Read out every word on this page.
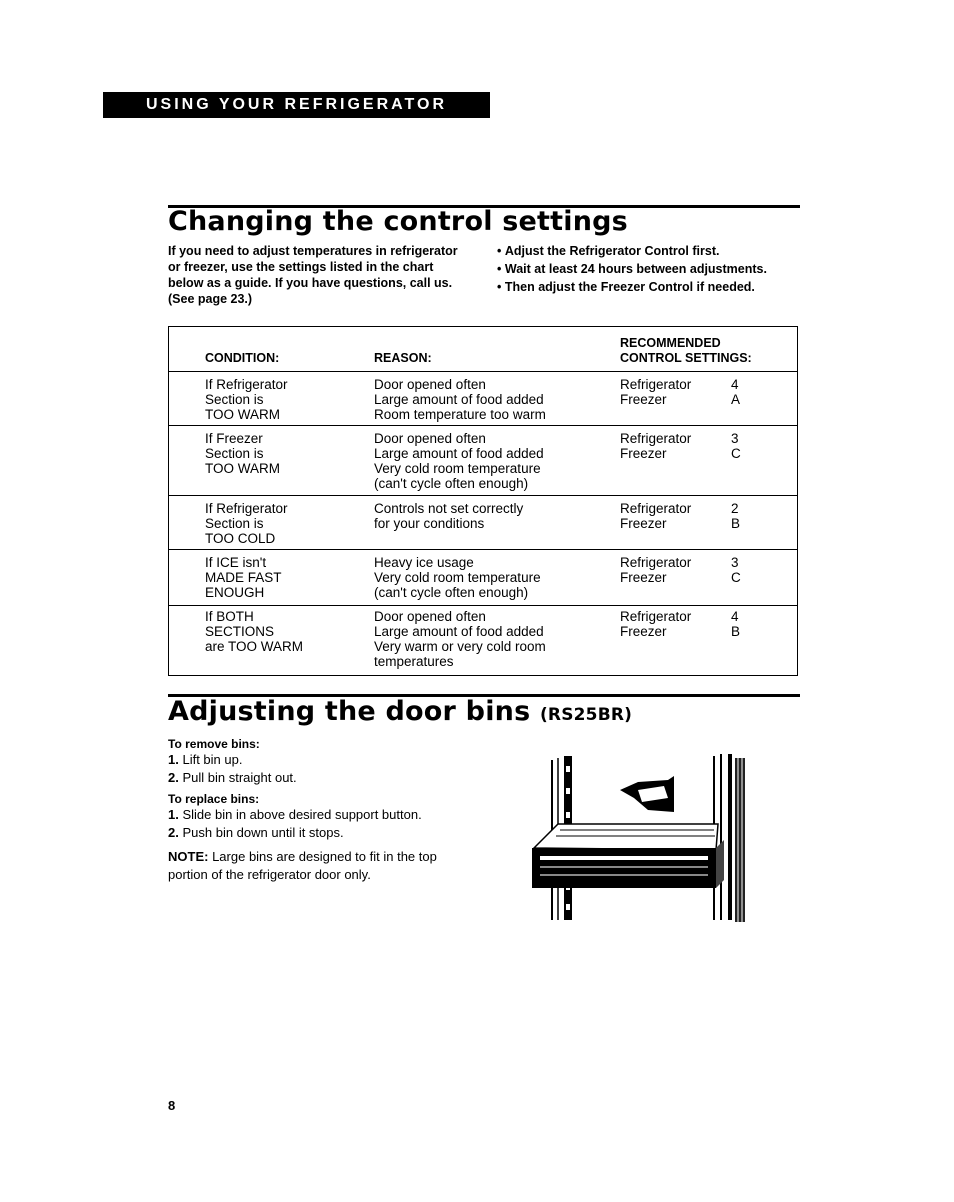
USING YOUR REFRIGERATOR
Changing the control settings
If you need to adjust temperatures in refrigerator
or freezer, use the settings listed in the chart
below as a guide. If you have questions, call us.
(See page 23.)
• Adjust the Refrigerator Control first.
• Wait at least 24 hours between adjustments.
• Then adjust the Freezer Control if needed.
CONDITION:	REASON:
RECOMMENDED
CONTROL SETTINGS:
If Refrigerator
Section is
TOO WARM
Door opened often
Large amount of food added
Room temperature too warm
Refrigerator
Freezer
4
A
If Freezer
Section is
TOO WARM
Door opened often
Large amount of food added
Very cold room temperature
(can't cycle often enough)
Refrigerator
Freezer
3
C
If Refrigerator
Section is
TOO COLD
Controls not set correctly
for your conditions
Refrigerator
Freezer
2
B
If ICE isn't
MADE FAST
ENOUGH
Heavy ice usage
Very cold room temperature
(can't cycle often enough)
Refrigerator
Freezer
3
C
If BOTH
SECTIONS
are TOO WARM
Door opened often
Large amount of food added
Very warm or very cold room
temperatures
Refrigerator
Freezer
4
B
Adjusting the door bins (RS25BR)
To remove bins:
1. Lift bin up.
2. Pull bin straight out.
To replace bins:
1. Slide bin in above desired support button.
2. Push bin down until it stops.
NOTE: Large bins are designed to fit in the top
portion of the refrigerator door only.
8
